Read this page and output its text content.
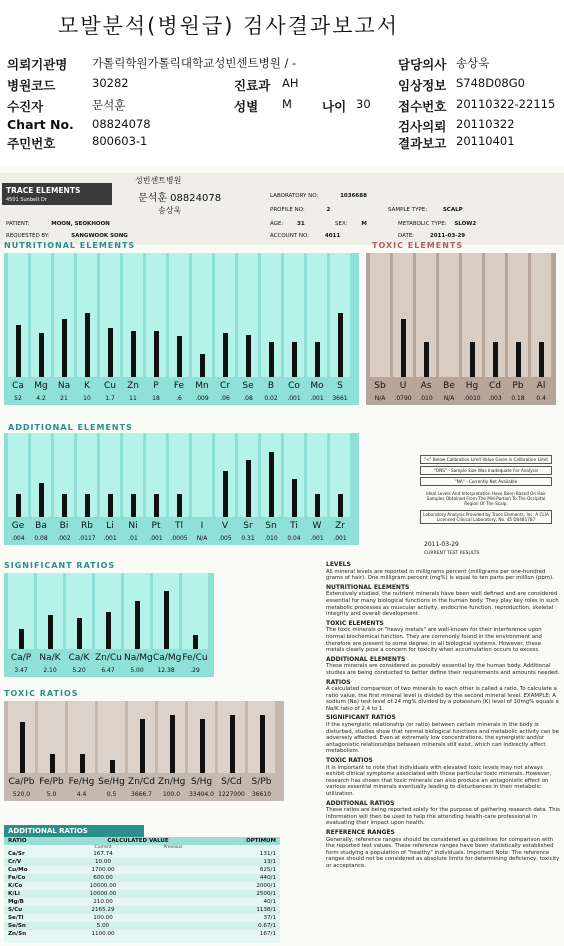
모발분석(병원급) 검사결과보고서
의뢰기관명 가톨릭학원가톨릭대학교성빈센트병원 / -	담당의사 송상욱
병원코드	30282	진료과 AH	임상정보 S748D08G0
수진자	문석훈	성별 M 나이 30 접수번호 20110322-22115
Chart No. 08824078	검사의뢰 20110322
주민번호	800603-1	결과보고 20110401
TRACE ELEMENTS
4501 Sunbelt Dr
성빈센트병원
문석훈 08824078
송상욱
LABORATORY NO:	1036688
PROFILE NO:	2	SAMPLE TYPE:	SCALP
PATIENT:	MOON, SEOKHOON	AGE:	31	SEX:	M	METABOLIC TYPE: SLOW2
REQUESTED BY:	SANGWOOK SONG	ACCOUNT NO:	4011	DATE:	2011-03-29
NUTRITIONAL ELEMENTS
Ca
52
Mg
4.2
Na
21
K
10
Cu
1.7
Zn
11
P
18
Fe
.6
Mn
.009
Cr
.06
Se
.08
B
0.02
Co
.001
Mo
.001
S
3661
TOXIC ELEMENTS
Sb
N/A
U
.0790
As
.010
Be
N/A
Hg
.0010
Cd
.003
Pb
0.18
Al
0.4
ADDITIONAL ELEMENTS
Ge
.004
Ba
0.08
Bi
.002
Rb
.0117
Li
.001
Ni
.01
Pt
.001
Tl
.0005
I
N/A
V
.005
Sr
0.31
Sn
.010
Ti
0.04
W
.001
Zr
.001
"<" Below Calibration Limit Value Given is Calibration Limit
"ONS" - Sample Size Was Inadequate For Analysis
"NA" - Currently Not Available
Ideal Levels And Interpretation Have Been Based On Hair Samples Obtained From The Mid-Portion To The Occipital Region Of The Scalp.
Laboratory Analysis Provided by Trace Elements, Inc. A CLIA Licensed Clinical Laboratory, No. 45 D0481787
2011-03-29
CURRENT TEST RESULTS
SIGNIFICANT RATIOS
Ca/P
3.47
Na/K
2.10
Ca/K
5.20
Zn/Cu
6.47
Na/Mg
5.00
Ca/Mg
12.38
Fe/Cu
.29
TOXIC RATIOS
Ca/Pb
520.0
Fe/Pb
5.0
Fe/Hg
4.4
Se/Hg
0.5
Zn/Cd
3666.7
Zn/Hg
100.0
S/Hg
33404.0
S/Cd
1227000
S/Pb
36610
ADDITIONAL RATIOS
RATIO	CALCULATED VALUE	OPTIMUM
Current	Previous
Ca/Sr	167.74	131/1
Cr/V	10.00	13/1
Cu/Mo	1700.00	625/1
Fe/Co	600.00	440/1
K/Co	10000.00	2000/1
K/Li	10000.00	2500/1
Mg/B	210.00	40/1
S/Cu	2165.29	1138/1
Se/Tl	100.00	37/1
Se/Sn	5.00	0.67/1
Zn/Sn	1100.00	167/1
LEVELS
All mineral levels are reported in milligrams percent (milligrams per one-hundred grams of hair). One milligram percent (mg%) is equal to ten parts per million (ppm).
NUTRITIONAL ELEMENTS
Extensively studied, the nutrient minerals have been well defined and are considered essential for many biological functions in the human body. They play key roles in such metabolic processes as muscular activity, endocrine function, reproduction, skeletal integrity and overall development.
TOXIC ELEMENTS
The toxic minerals or "heavy metals" are well-known for their interference upon normal biochemical function. They are commonly found in the environment and therefore are present to some degree, in all biological systems. However, these metals clearly pose a concern for toxicity when accumulation occurs to excess.
ADDITIONAL ELEMENTS
These minerals are considered as possibly essential by the human body. Additional studies are being conducted to better define their requirements and amounts needed.
RATIOS
A calculated comparison of two minerals to each other is called a ratio. To calculate a ratio value, the first mineral level is divided by the second mineral level. EXAMPLE: A sodium (Na) test level of 24 mg% divided by a potassium (K) level of 10mg% equals a Na/K ratio of 2.4 to 1.
SIGNIFICANT RATIOS
If the synergistic relationship (or ratio) between certain minerals in the body is disturbed, studies show that normal biological functions and metabolic activity can be adversely affected. Even at extremely low concentrations, the synergistic and/or antagonistic relationships between minerals still exist, which can indirectly affect metabolism.
TOXIC RATIOS
It is important to note that individuals with elevated toxic levels may not always exhibit clinical symptoms associated with those particular toxic minerals. However, research has shown that toxic minerals can also produce an antagonistic effect on various essential minerals eventually leading to disturbances in their metabolic utilization.
ADDITIONAL RATIOS
These ratios are being reported solely for the purpose of gathering research data. This information will then be used to help the attending health-care professional in evaluating their impact upon health.
REFERENCE RANGES
Generally, reference ranges should be considered as guidelines for comparison with the reported test values. These reference ranges have been statistically established form studying a population of "healthy" individuals. Important Note: The reference ranges should not be considered as absolute limits for determining deficiency, toxicity or acceptance.
